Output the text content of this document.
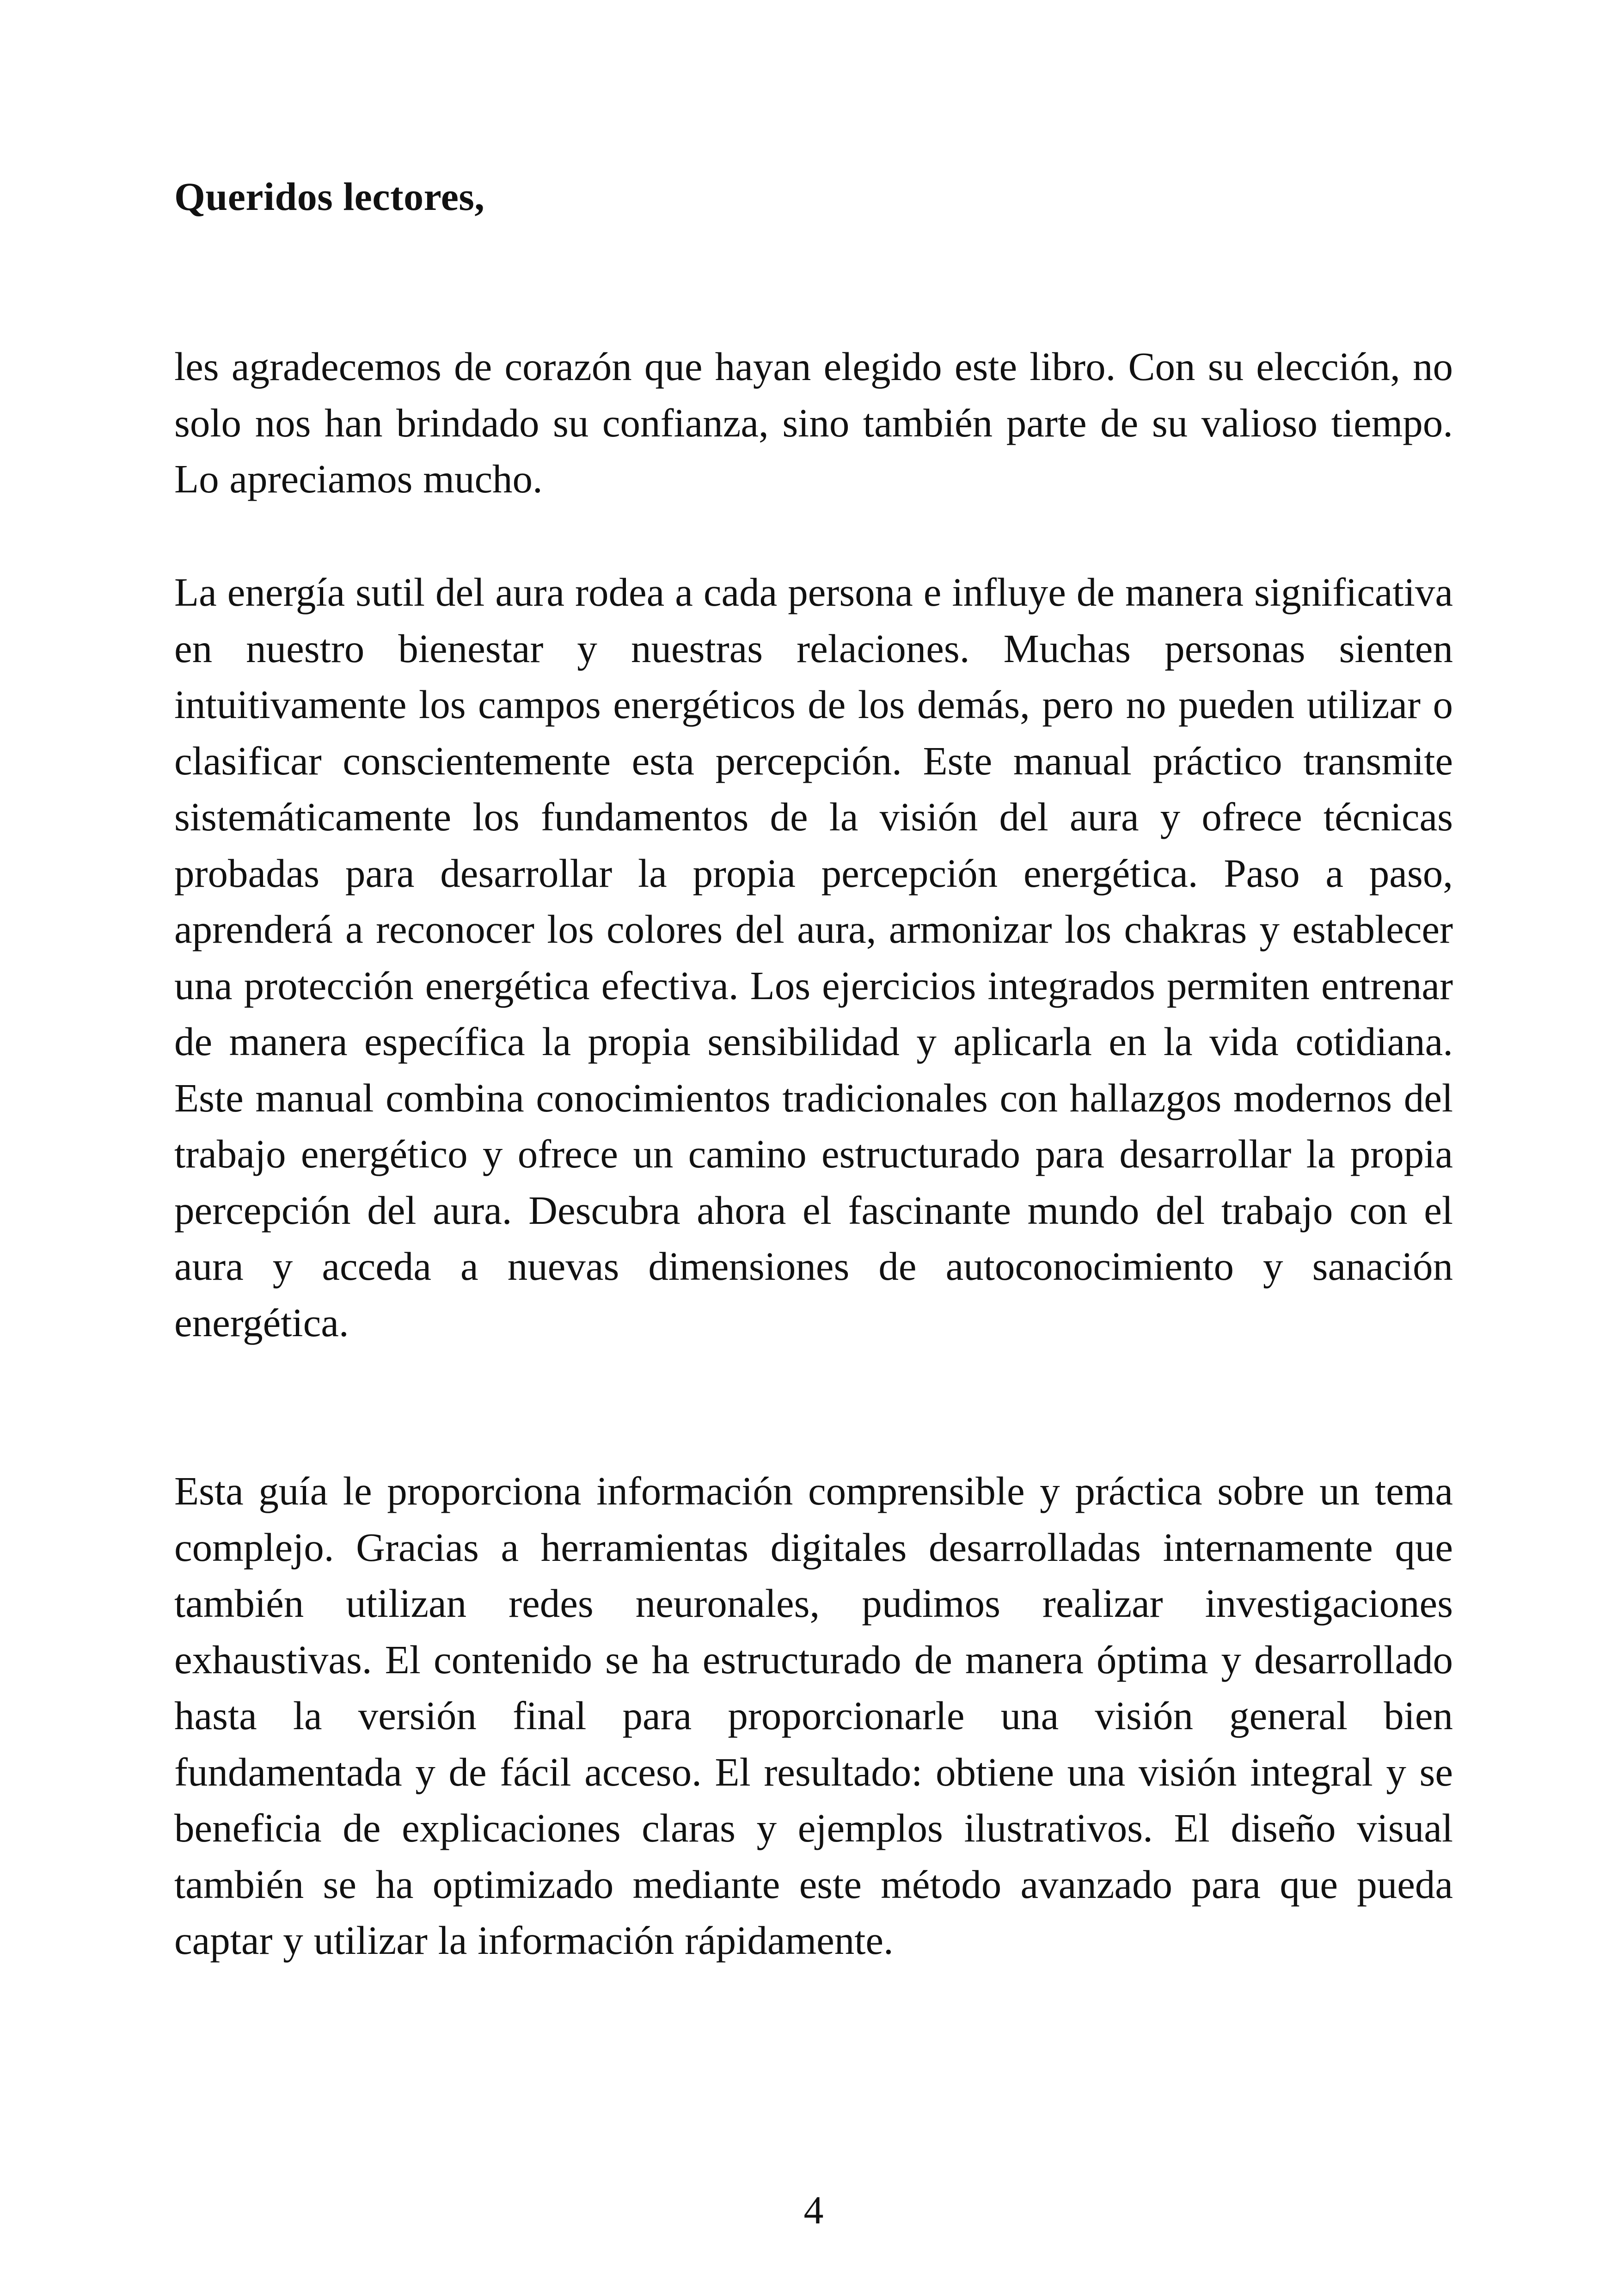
Queridos lectores,

les agradecemos de corazón que hayan elegido este libro. Con su elección, no solo nos han brindado su confianza, sino también parte de su valioso tiempo. Lo apreciamos mucho.

La energía sutil del aura rodea a cada persona e influye de manera significativa en nuestro bienestar y nuestras relaciones. Muchas personas sienten intuitivamente los campos energéticos de los demás, pero no pueden utilizar o clasificar conscientemente esta percepción. Este manual práctico transmite sistemáticamente los fundamentos de la visión del aura y ofrece técnicas probadas para desarrollar la propia percepción energética. Paso a paso, aprenderá a reconocer los colores del aura, armonizar los chakras y establecer una protección energética efectiva. Los ejercicios integrados permiten entrenar de manera específica la propia sensibilidad y aplicarla en la vida cotidiana. Este manual combina conocimientos tradicionales con hallazgos modernos del trabajo energético y ofrece un camino estructurado para desarrollar la propia percepción del aura. Descubra ahora el fascinante mundo del trabajo con el aura y acceda a nuevas dimensiones de autoconocimiento y sanación energética.

Esta guía le proporciona información comprensible y práctica sobre un tema complejo. Gracias a herramientas digitales desarrolladas internamente que también utilizan redes neuronales, pudimos realizar investigaciones exhaustivas. El contenido se ha estructurado de manera óptima y desarrollado hasta la versión final para proporcionarle una visión general bien fundamentada y de fácil acceso. El resultado: obtiene una visión integral y se beneficia de explicaciones claras y ejemplos ilustrativos. El diseño visual también se ha optimizado mediante este método avanzado para que pueda captar y utilizar la información rápidamente.

4
